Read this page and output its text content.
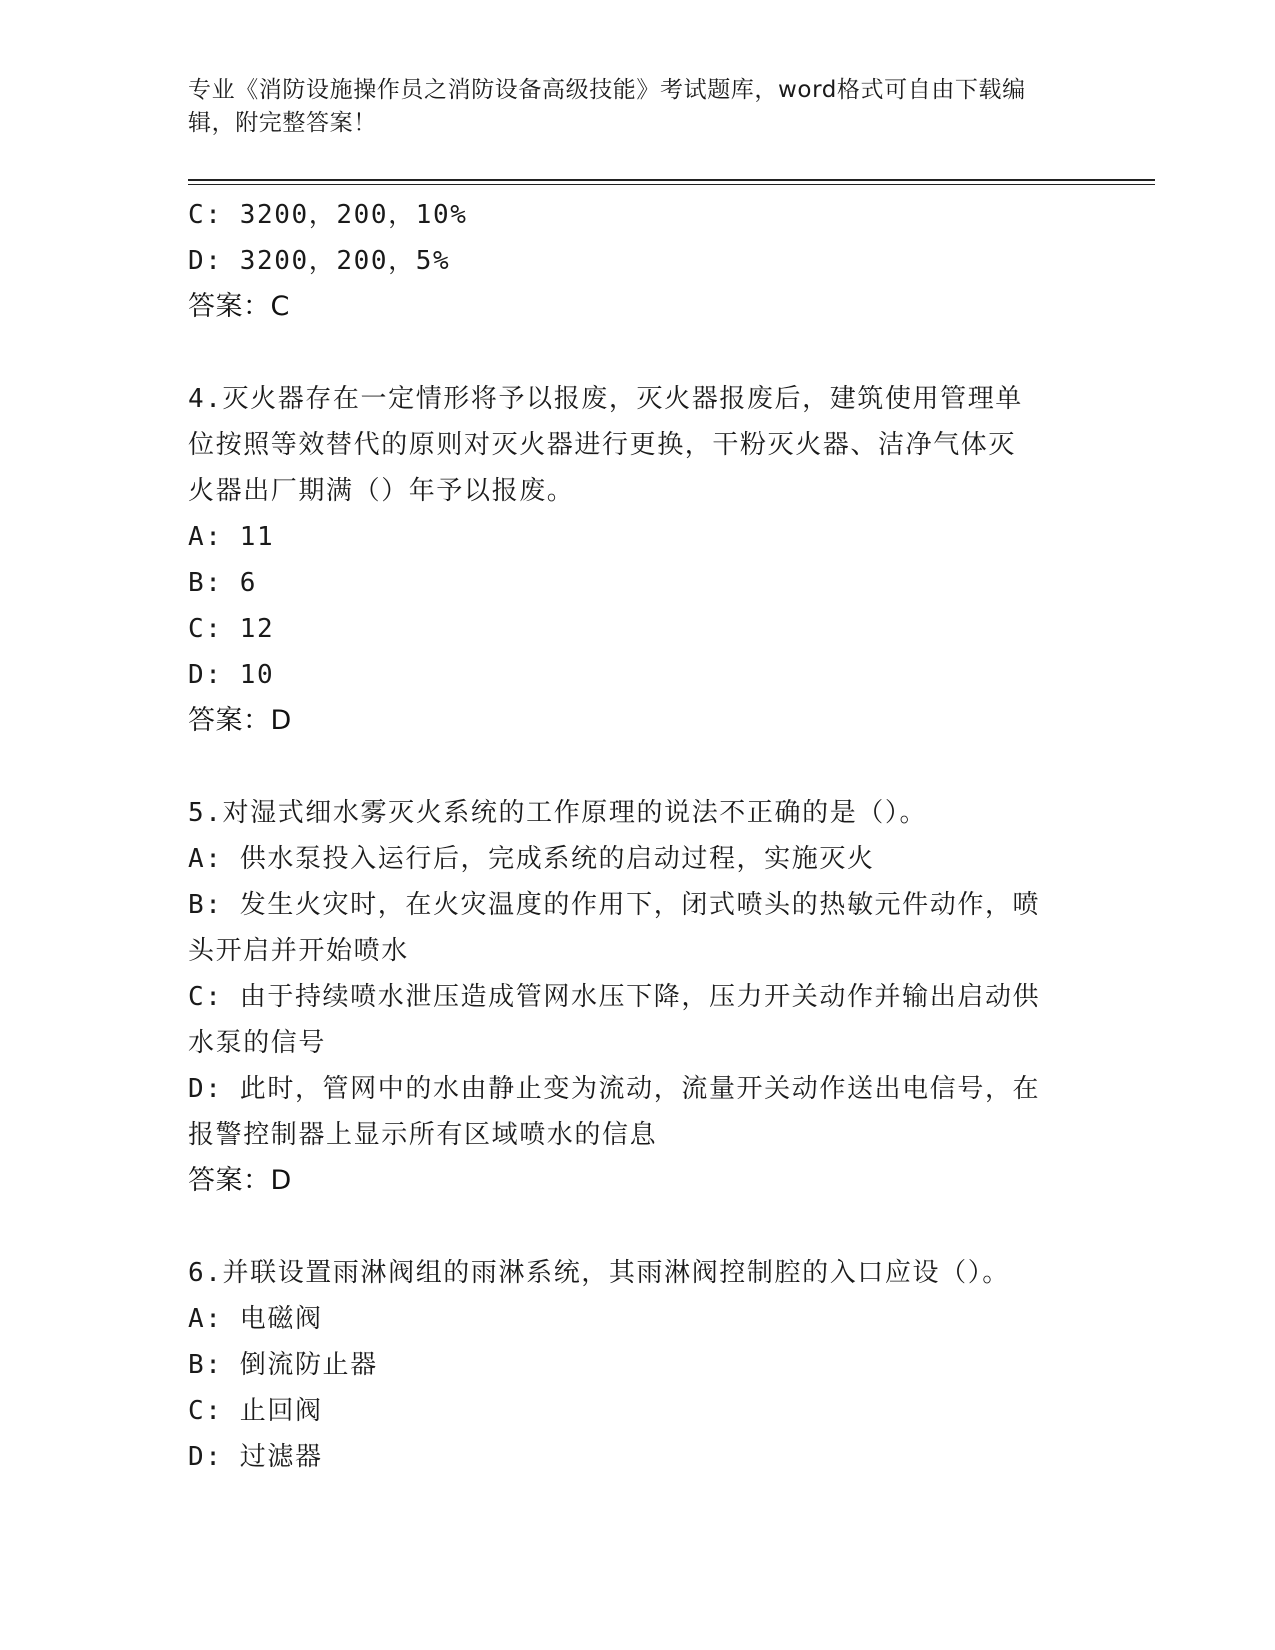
专业《消防设施操作员之消防设备高级技能》考试题库，word格式可自由下载编
辑，附完整答案！
C: 3200，200，10%
D: 3200，200，5%
答案：C
4.灭火器存在一定情形将予以报废，灭火器报废后，建筑使用管理单
位按照等效替代的原则对灭火器进行更换，干粉灭火器、洁净气体灭
火器出厂期满（）年予以报废。
A: 11
B: 6
C: 12
D: 10
答案：D
5.对湿式细水雾灭火系统的工作原理的说法不正确的是（）。
A: 供水泵投入运行后，完成系统的启动过程，实施灭火
B: 发生火灾时，在火灾温度的作用下，闭式喷头的热敏元件动作，喷
头开启并开始喷水
C: 由于持续喷水泄压造成管网水压下降，压力开关动作并输出启动供
水泵的信号
D: 此时，管网中的水由静止变为流动，流量开关动作送出电信号，在
报警控制器上显示所有区域喷水的信息
答案：D
6.并联设置雨淋阀组的雨淋系统，其雨淋阀控制腔的入口应设（）。
A: 电磁阀
B: 倒流防止器
C: 止回阀
D: 过滤器
